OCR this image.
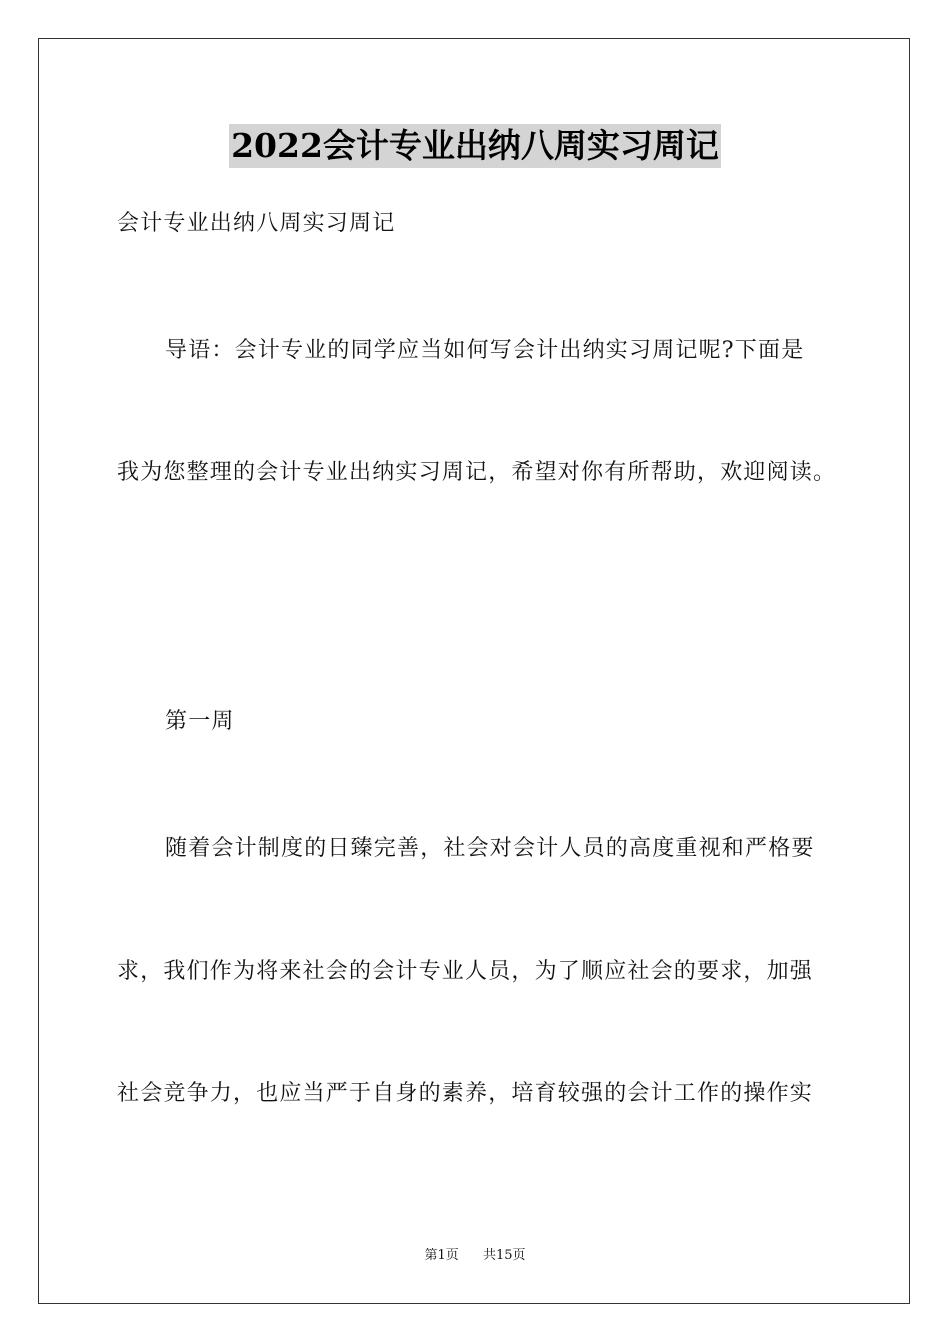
2022会计专业出纳八周实习周记
会计专业出纳八周实习周记
导语：会计专业的同学应当如何写会计出纳实习周记呢?下面是
我为您整理的会计专业出纳实习周记，希望对你有所帮助，欢迎阅读。
第一周
随着会计制度的日臻完善，社会对会计人员的高度重视和严格要
求，我们作为将来社会的会计专业人员，为了顺应社会的要求，加强
社会竞争力，也应当严于自身的素养，培育较强的会计工作的操作实
第1页 共15页
